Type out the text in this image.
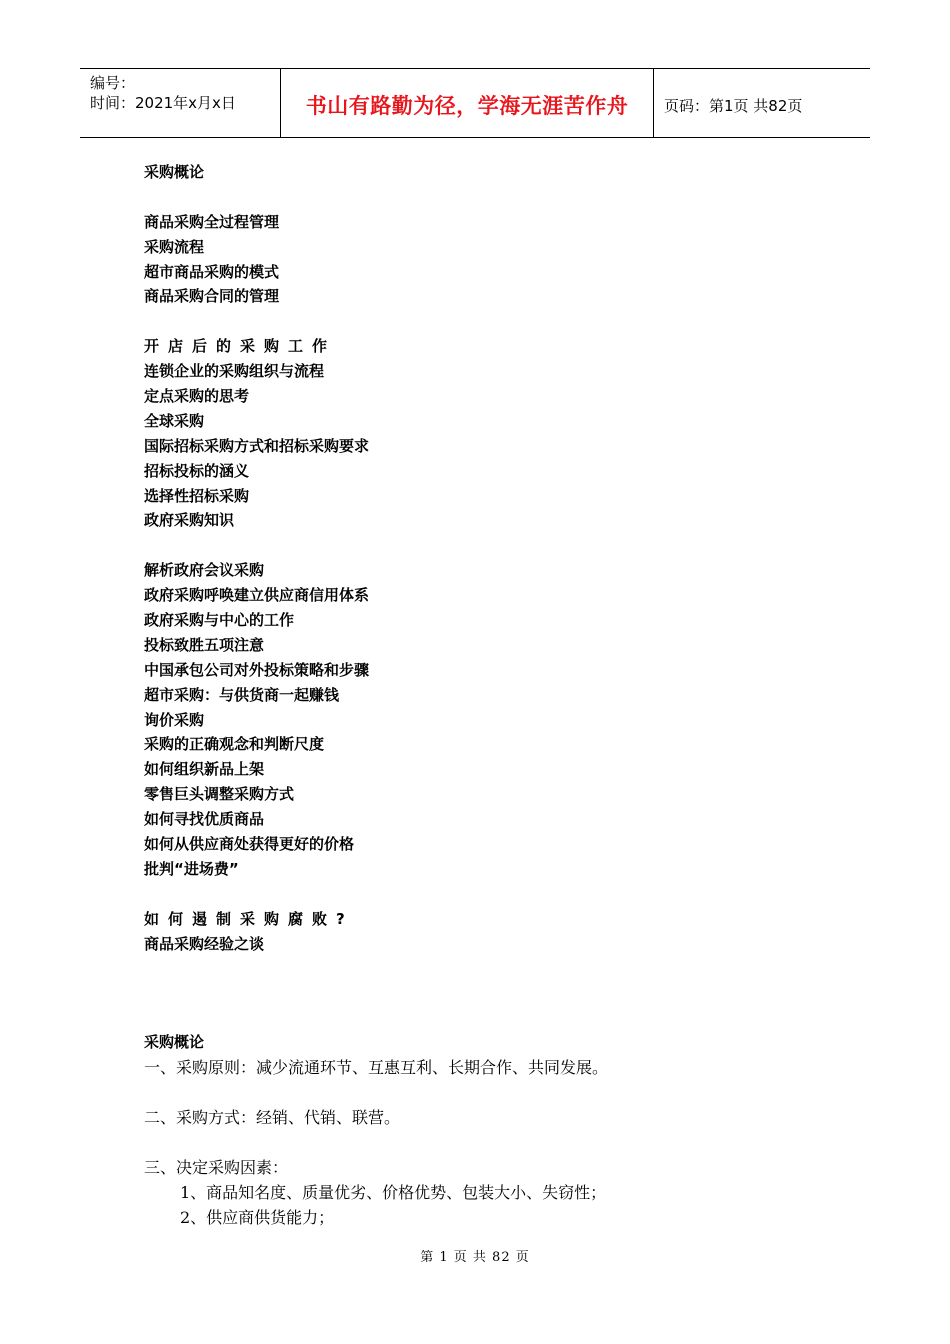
编号：
时间：2021年x月x日	书山有路勤为径，学海无涯苦作舟 页码：第1页 共82页
采购概论
商品采购全过程管理
采购流程
超市商品采购的模式
商品采购合同的管理
开店后的采购工作
连锁企业的采购组织与流程
定点采购的思考
全球采购
国际招标采购方式和招标采购要求
招标投标的涵义
选择性招标采购
政府采购知识
解析政府会议采购
政府采购呼唤建立供应商信用体系
政府采购与中心的工作
投标致胜五项注意
中国承包公司对外投标策略和步骤
超市采购：与供货商一起赚钱
询价采购
采购的正确观念和判断尺度
如何组织新品上架
零售巨头调整采购方式
如何寻找优质商品
如何从供应商处获得更好的价格
批判“进场费”
如何遏制采购腐败?
商品采购经验之谈
采购概论
一、采购原则：减少流通环节、互惠互利、长期合作、共同发展。
二、采购方式：经销、代销、联营。
三、决定采购因素：
1、商品知名度、质量优劣、价格优势、包装大小、失窃性；
2、供应商供货能力；
第 1 页 共 82 页
